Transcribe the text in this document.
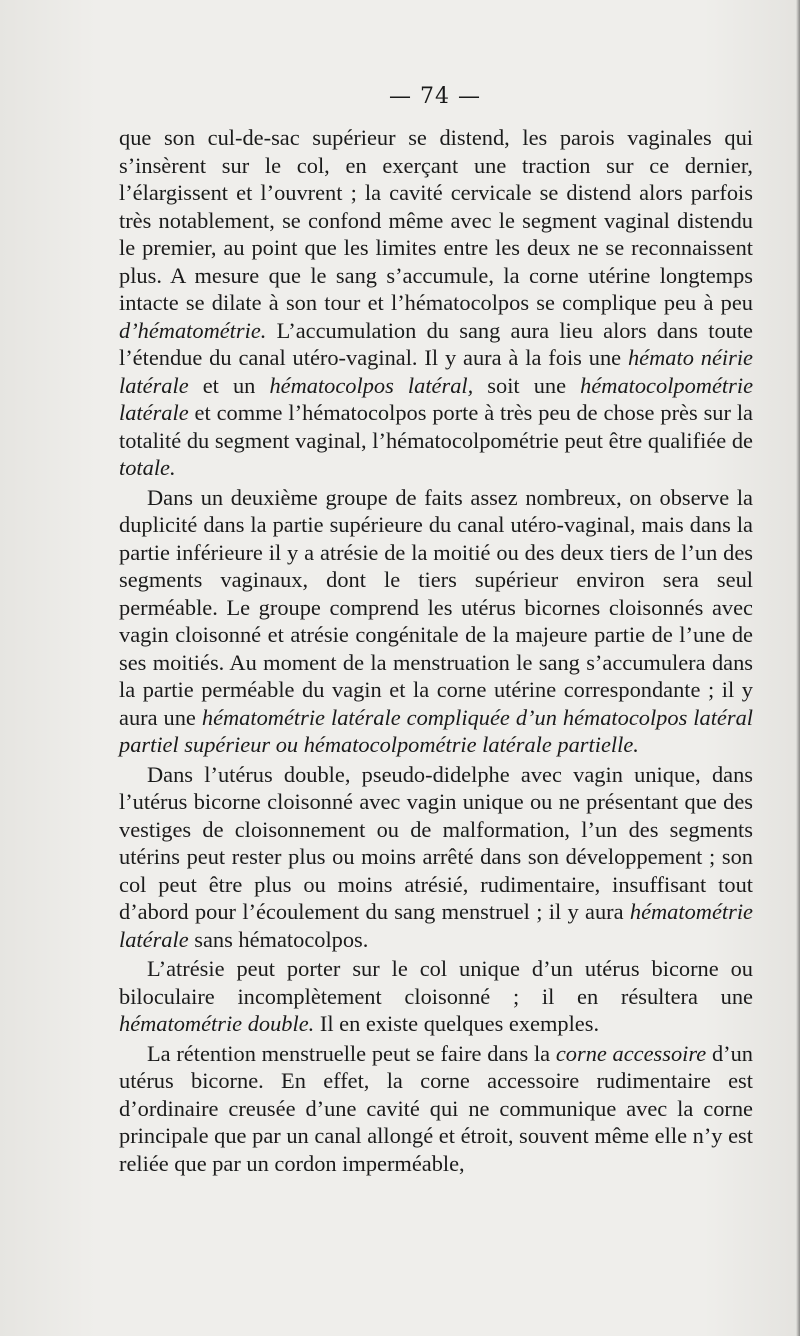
— 74 —

que son cul-de-sac supérieur se distend, les parois vaginales qui s’insèrent sur le col, en exerçant une traction sur ce dernier, l’élargissent et l’ouvrent ; la cavité cervicale se distend alors parfois très notablement, se confond même avec le segment vaginal distendu le premier, au point que les limites entre les deux ne se reconnaissent plus. A mesure que le sang s’accumule, la corne utérine longtemps intacte se dilate à son tour et l’hématocolpos se complique peu à peu d’hématométrie. L’accumulation du sang aura lieu alors dans toute l’étendue du canal utéro-vaginal. Il y aura à la fois une hémato néirie latérale et un hématocolpos latéral, soit une hématocolpométrie latérale et comme l’hématocolpos porte à très peu de chose près sur la totalité du segment vaginal, l’hématocolpométrie peut être qualifiée de totale.

Dans un deuxième groupe de faits assez nombreux, on observe la duplicité dans la partie supérieure du canal utéro-vaginal, mais dans la partie inférieure il y a atrésie de la moitié ou des deux tiers de l’un des segments vaginaux, dont le tiers supérieur environ sera seul perméable. Le groupe comprend les utérus bicornes cloisonnés avec vagin cloisonné et atrésie congénitale de la majeure partie de l’une de ses moitiés. Au moment de la menstruation le sang s’accumulera dans la partie perméable du vagin et la corne utérine correspondante ; il y aura une hématométrie latérale compliquée d’un hématocolpos latéral partiel supérieur ou hématocolpométrie latérale partielle.

Dans l’utérus double, pseudo-didelphe avec vagin unique, dans l’utérus bicorne cloisonné avec vagin unique ou ne présentant que des vestiges de cloisonnement ou de malformation, l’un des segments utérins peut rester plus ou moins arrêté dans son développement ; son col peut être plus ou moins atrésié, rudimentaire, insuffisant tout d’abord pour l’écoulement du sang menstruel ; il y aura hématométrie latérale sans hématocolpos.

L’atrésie peut porter sur le col unique d’un utérus bicorne ou biloculaire incomplètement cloisonné ; il en résultera une hématométrie double. Il en existe quelques exemples.

La rétention menstruelle peut se faire dans la corne accessoire d’un utérus bicorne. En effet, la corne accessoire rudimentaire est d’ordinaire creusée d’une cavité qui ne communique avec la corne principale que par un canal allongé et étroit, souvent même elle n’y est reliée que par un cordon imperméable,
